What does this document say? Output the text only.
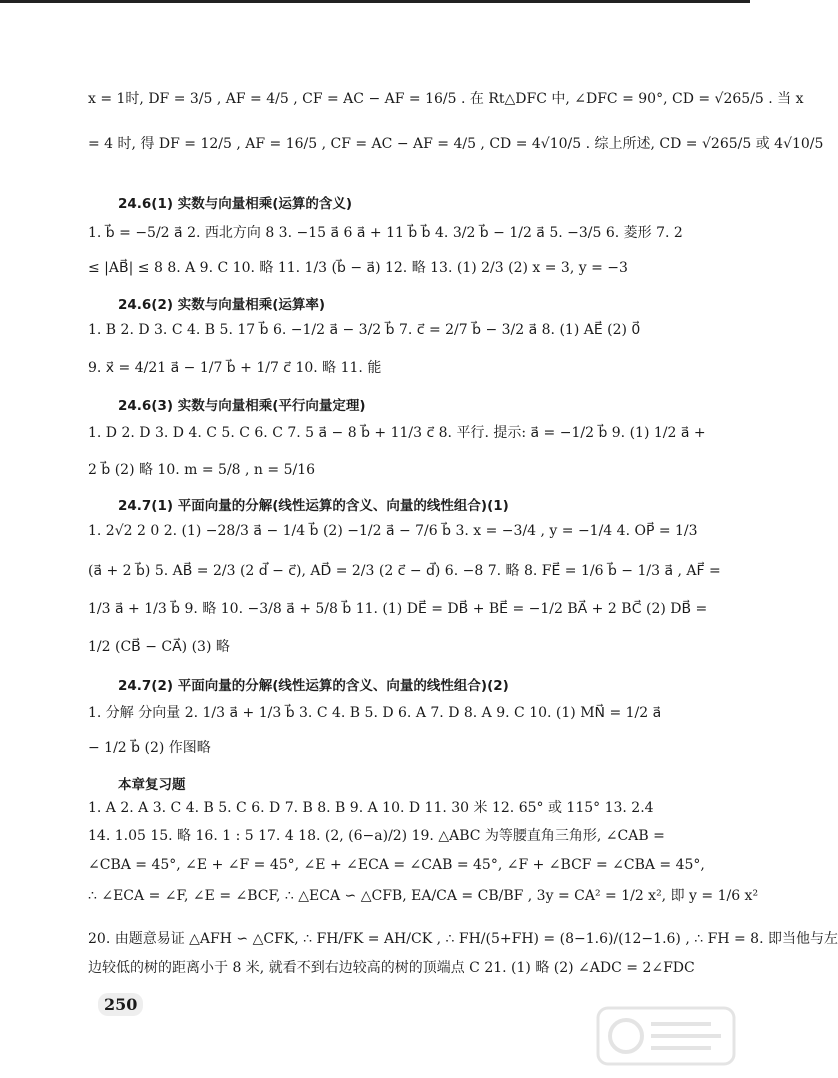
x = 1时, DF = 3/5 , AF = 4/5 , CF = AC − AF = 16/5 . 在 Rt△DFC 中, ∠DFC = 90°, CD = √265/5 . 当 x
= 4 时, 得 DF = 12/5 , AF = 16/5 , CF = AC − AF = 4/5 , CD = 4√10/5 . 综上所述, CD = √265/5 或 4√10/5
24.6(1) 实数与向量相乘(运算的含义)
1. b⃗ = −5/2 a⃗ 2. 西北方向 8 3. −15 a⃗ 6 a⃗ + 11 b⃗ b⃗ 4. 3/2 b⃗ − 1/2 a⃗ 5. −3/5 6. 菱形 7. 2
≤ |AB⃗| ≤ 8 8. A 9. C 10. 略 11. 1/3 (b⃗ − a⃗) 12. 略 13. (1) 2/3 (2) x = 3, y = −3
24.6(2) 实数与向量相乘(运算率)
1. B 2. D 3. C 4. B 5. 17 b⃗ 6. −1/2 a⃗ − 3/2 b⃗ 7. c⃗ = 2/7 b⃗ − 3/2 a⃗ 8. (1) AE⃗ (2) 0⃗
9. x⃗ = 4/21 a⃗ − 1/7 b⃗ + 1/7 c⃗ 10. 略 11. 能
24.6(3) 实数与向量相乘(平行向量定理)
1. D 2. D 3. D 4. C 5. C 6. C 7. 5 a⃗ − 8 b⃗ + 11/3 c⃗ 8. 平行. 提示: a⃗ = −1/2 b⃗ 9. (1) 1/2 a⃗ +
2 b⃗ (2) 略 10. m = 5/8 , n = 5/16
24.7(1) 平面向量的分解(线性运算的含义、向量的线性组合)(1)
1. 2√2 2 0 2. (1) −28/3 a⃗ − 1/4 b⃗ (2) −1/2 a⃗ − 7/6 b⃗ 3. x = −3/4 , y = −1/4 4. OP⃗ = 1/3
(a⃗ + 2 b⃗) 5. AB⃗ = 2/3 (2 d⃗ − c⃗), AD⃗ = 2/3 (2 c⃗ − d⃗) 6. −8 7. 略 8. FE⃗ = 1/6 b⃗ − 1/3 a⃗ , AF⃗ =
1/3 a⃗ + 1/3 b⃗ 9. 略 10. −3/8 a⃗ + 5/8 b⃗ 11. (1) DE⃗ = DB⃗ + BE⃗ = −1/2 BA⃗ + 2 BC⃗ (2) DB⃗ =
1/2 (CB⃗ − CA⃗) (3) 略
24.7(2) 平面向量的分解(线性运算的含义、向量的线性组合)(2)
1. 分解 分向量 2. 1/3 a⃗ + 1/3 b⃗ 3. C 4. B 5. D 6. A 7. D 8. A 9. C 10. (1) MN⃗ = 1/2 a⃗
− 1/2 b⃗ (2) 作图略
本章复习题
1. A 2. A 3. C 4. B 5. C 6. D 7. B 8. B 9. A 10. D 11. 30 米 12. 65° 或 115° 13. 2.4
14. 1.05 15. 略 16. 1 : 5 17. 4 18. (2, (6−a)/2) 19. △ABC 为等腰直角三角形, ∠CAB =
∠CBA = 45°, ∠E + ∠F = 45°, ∠E + ∠ECA = ∠CAB = 45°, ∠F + ∠BCF = ∠CBA = 45°,
∴ ∠ECA = ∠F, ∠E = ∠BCF, ∴ △ECA ∽ △CFB, EA/CA = CB/BF , 3y = CA² = 1/2 x², 即 y = 1/6 x²
20. 由题意易证 △AFH ∽ △CFK, ∴ FH/FK = AH/CK , ∴ FH/(5+FH) = (8−1.6)/(12−1.6) , ∴ FH = 8. 即当他与左
边较低的树的距离小于 8 米, 就看不到右边较高的树的顶端点 C 21. (1) 略 (2) ∠ADC = 2∠FDC
250
